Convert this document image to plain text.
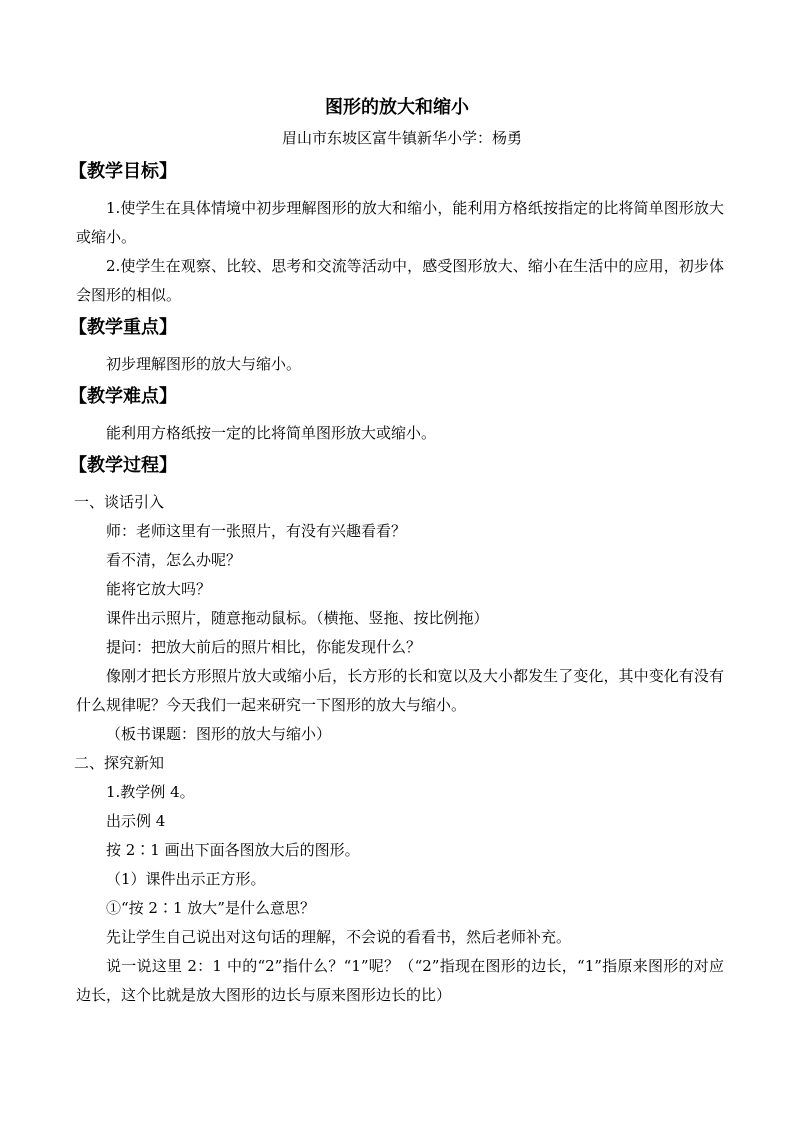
图形的放大和缩小
眉山市东坡区富牛镇新华小学：杨勇
【教学目标】
1.使学生在具体情境中初步理解图形的放大和缩小，能利用方格纸按指定的比将简单图形放大或缩小。
2.使学生在观察、比较、思考和交流等活动中，感受图形放大、缩小在生活中的应用，初步体会图形的相似。
【教学重点】
初步理解图形的放大与缩小。
【教学难点】
能利用方格纸按一定的比将简单图形放大或缩小。
【教学过程】
一、谈话引入
师：老师这里有一张照片，有没有兴趣看看？
看不清，怎么办呢？
能将它放大吗？
课件出示照片，随意拖动鼠标。（横拖、竖拖、按比例拖）
提问：把放大前后的照片相比，你能发现什么？
像刚才把长方形照片放大或缩小后，长方形的长和宽以及大小都发生了变化，其中变化有没有什么规律呢？今天我们一起来研究一下图形的放大与缩小。
（板书课题：图形的放大与缩小）
二、探究新知
1.教学例 4。
出示例 4
按 2∶1 画出下面各图放大后的图形。
（1）课件出示正方形。
①“按 2∶1 放大”是什么意思？
先让学生自己说出对这句话的理解，不会说的看看书，然后老师补充。
说一说这里 2：1 中的“2”指什么？“1”呢？（“2”指现在图形的边长，“1”指原来图形的对应边长，这个比就是放大图形的边长与原来图形边长的比）
